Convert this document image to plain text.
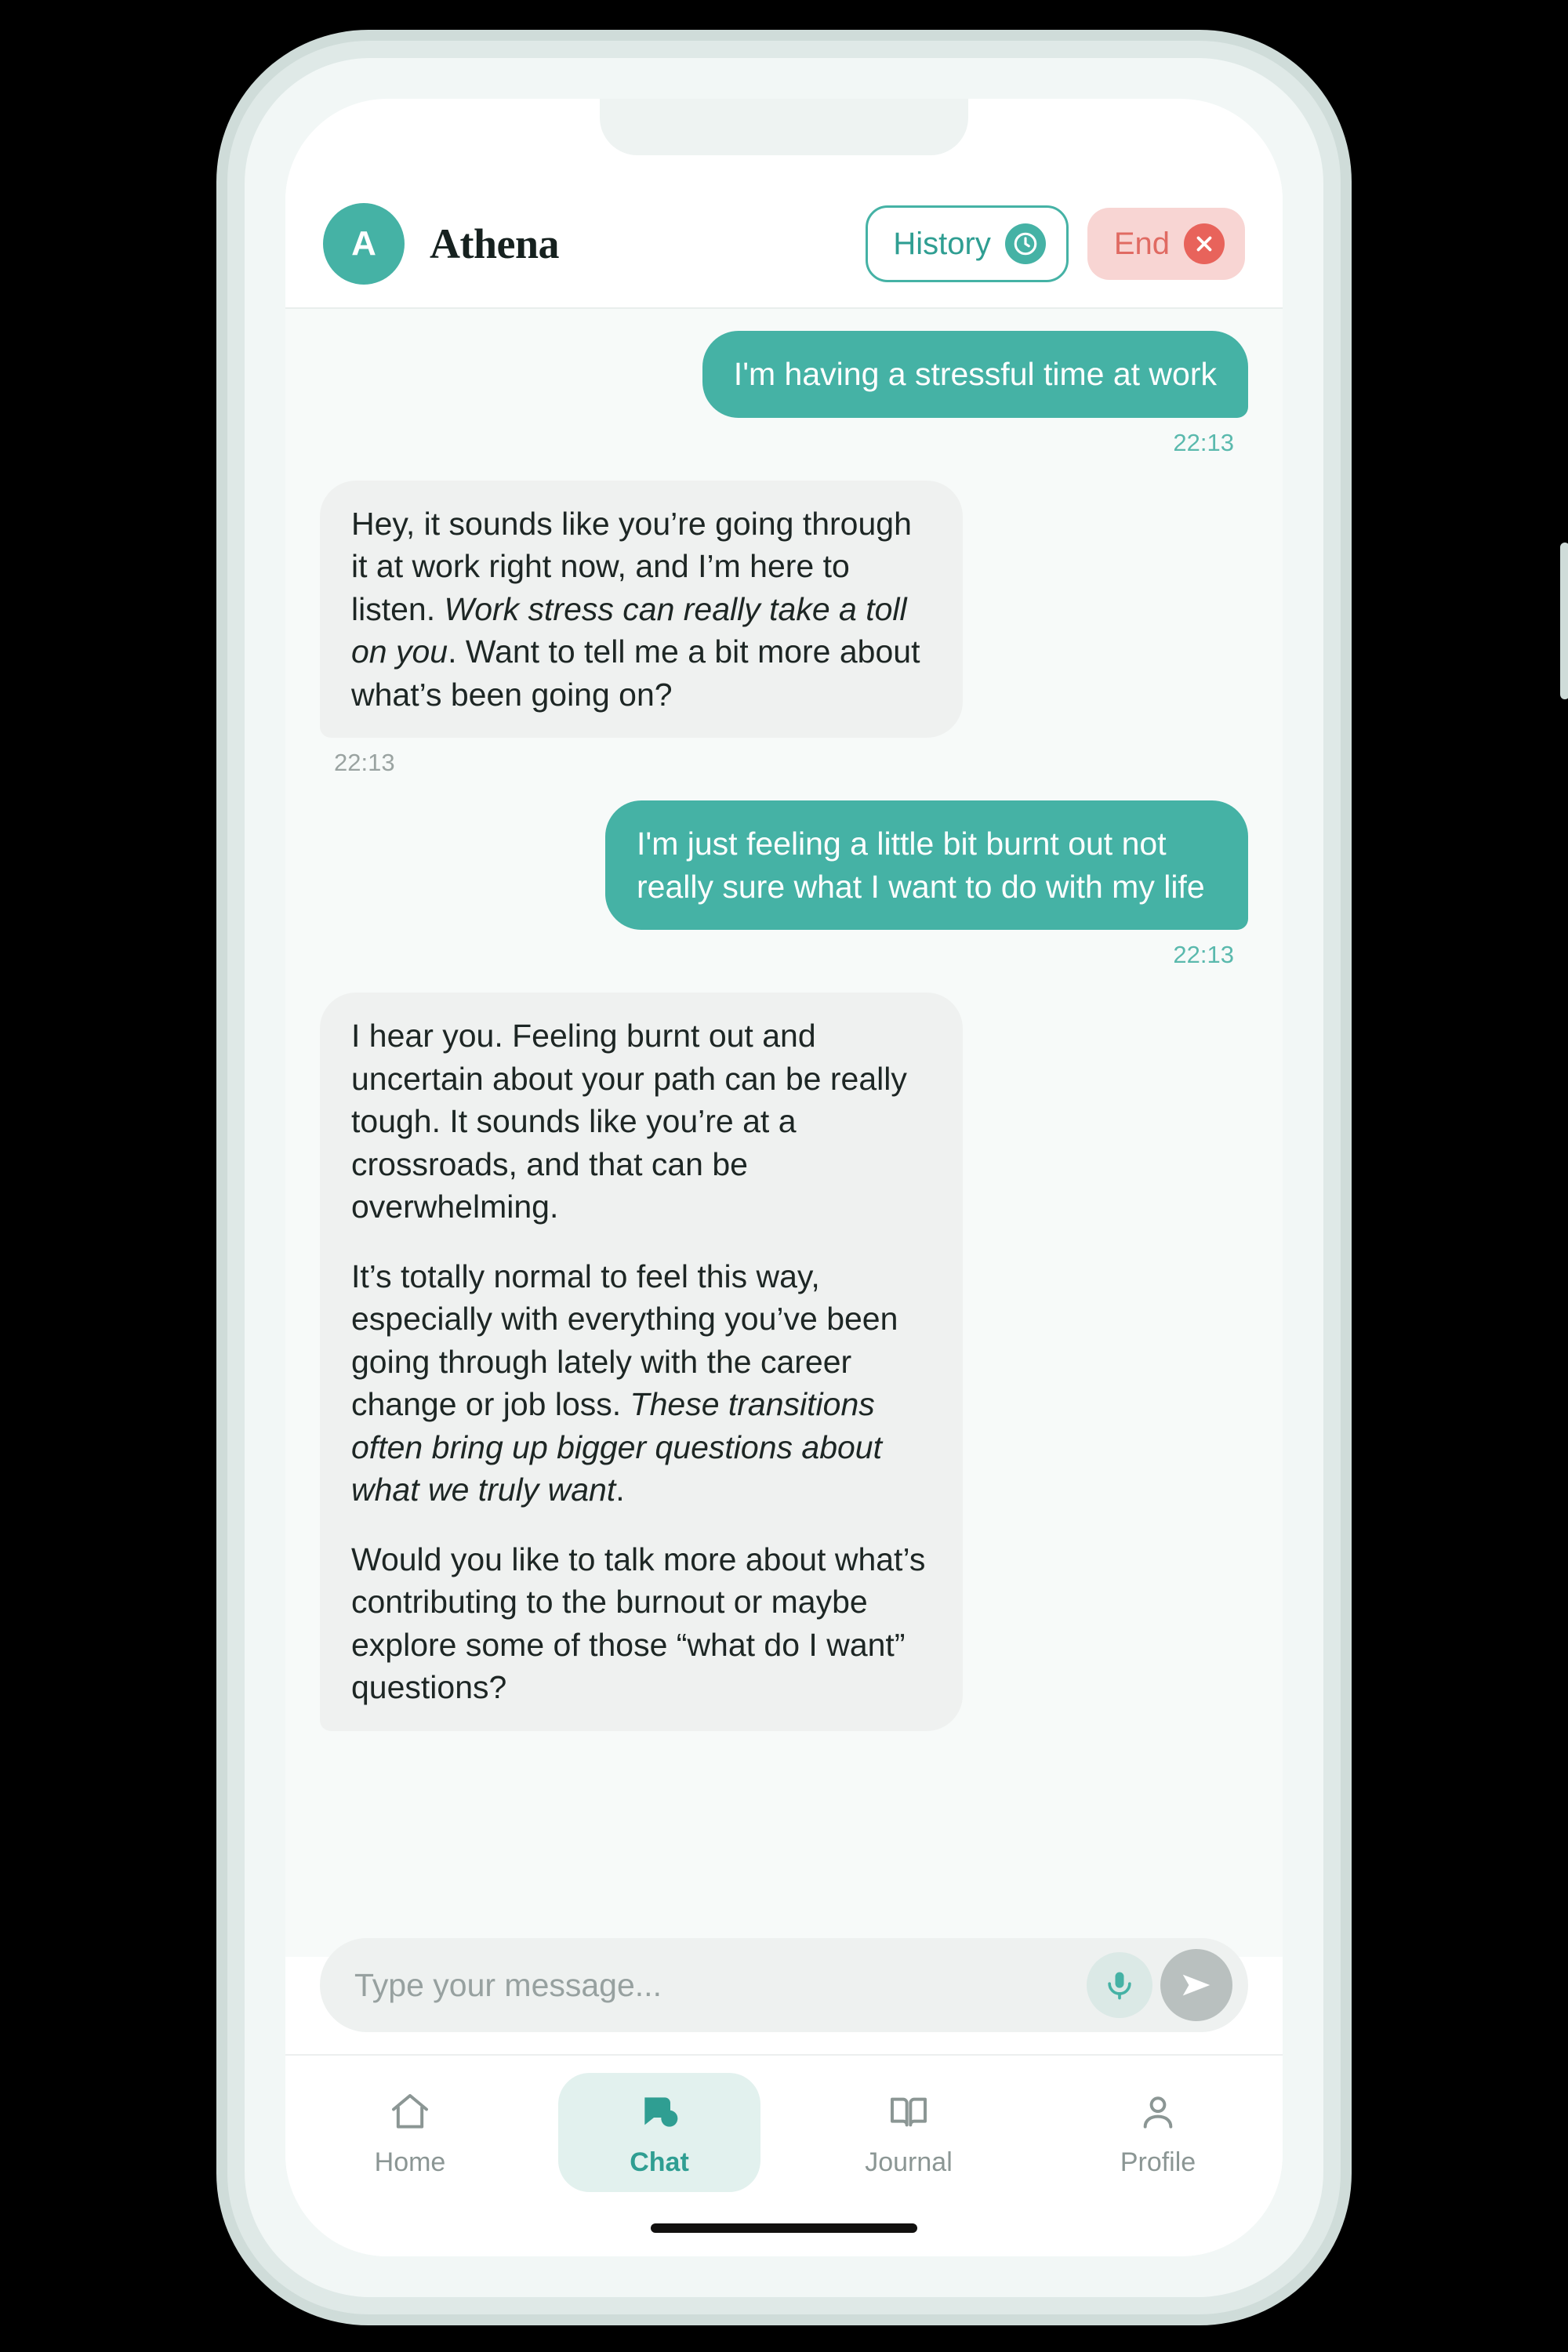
A	Athena	History	End

I'm having a stressful time at work

22:13

Hey, it sounds like you’re going through it at work right now, and I’m here to listen. Work stress can really take a toll on you. Want to tell me a bit more about what’s been going on?

22:13

I'm just feeling a little bit burnt out not really sure what I want to do with my life

22:13

I hear you. Feeling burnt out and uncertain about your path can be really tough. It sounds like you’re at a crossroads, and that can be overwhelming.

It’s totally normal to feel this way, especially with everything you’ve been going through lately with the career change or job loss. These transitions often bring up bigger questions about what we truly want.

Would you like to talk more about what’s contributing to the burnout or maybe explore some of those “what do I want” questions?

Type your message...
Home	Chat	Journal	Profile
